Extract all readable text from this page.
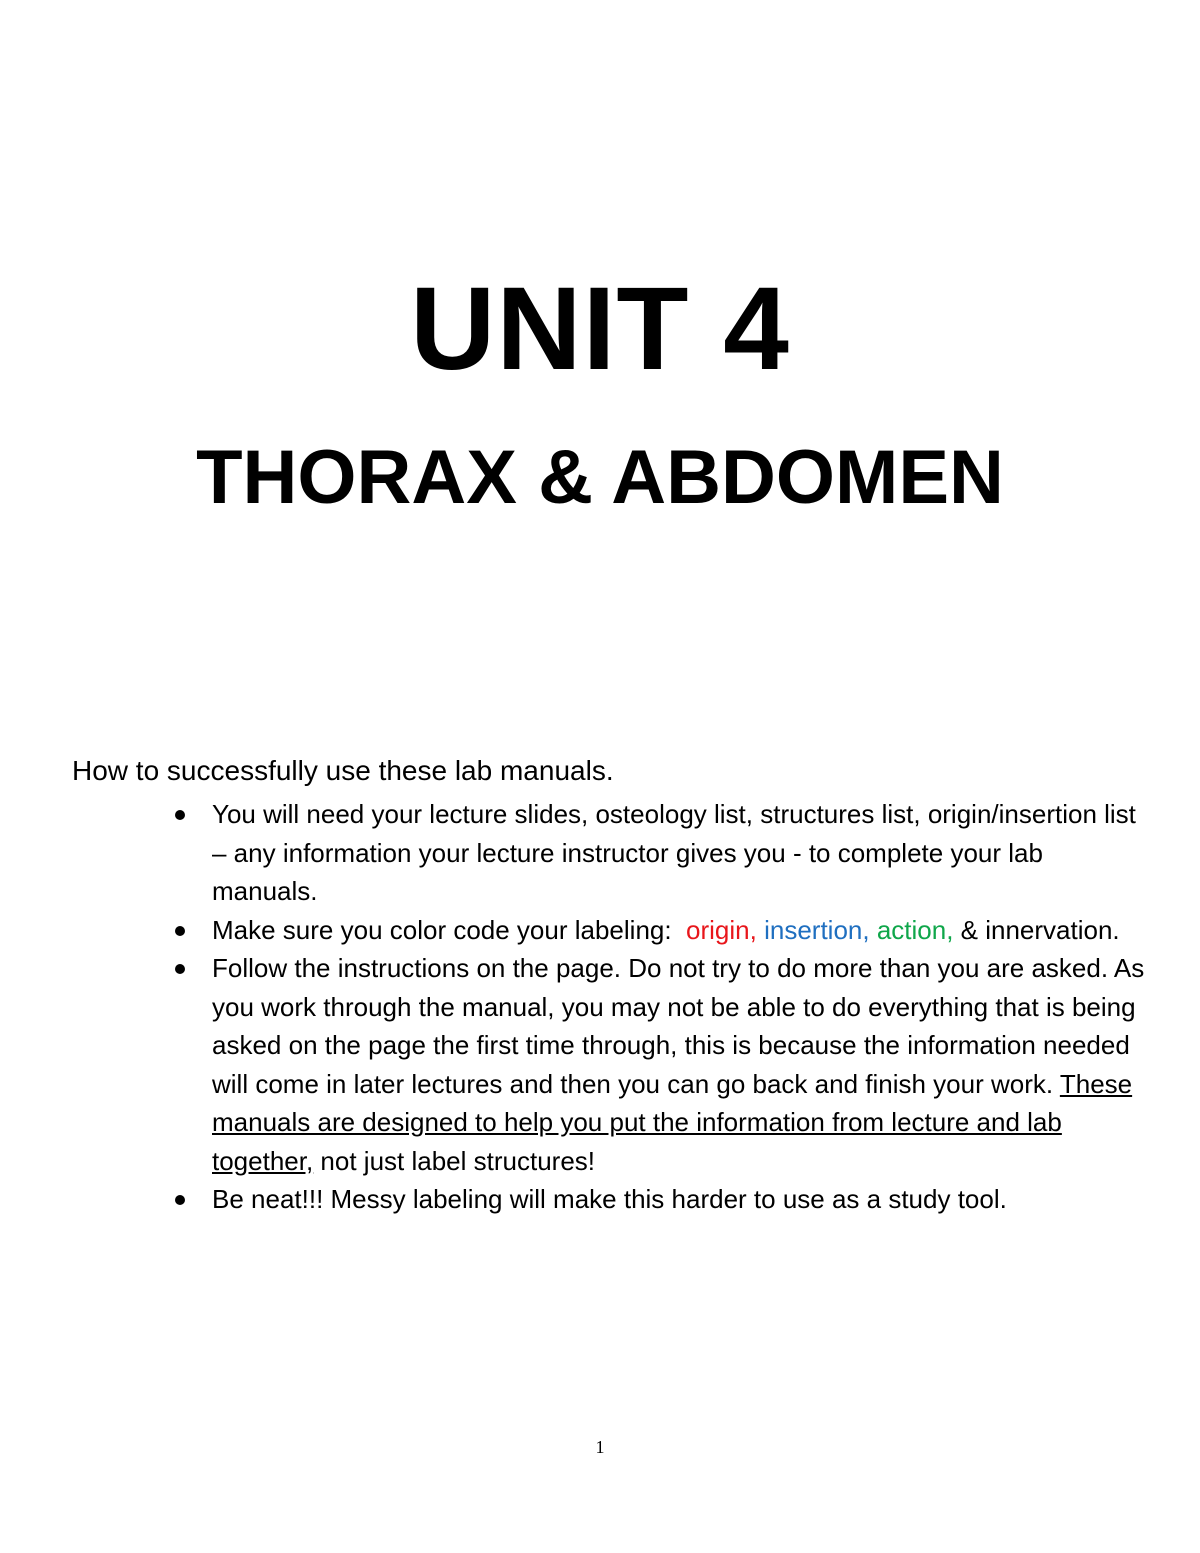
UNIT 4
THORAX & ABDOMEN
How to successfully use these lab manuals.
You will need your lecture slides, osteology list, structures list, origin/insertion list – any information your lecture instructor gives you - to complete your lab manuals.
Make sure you color code your labeling:  origin, insertion, action, & innervation.
Follow the instructions on the page. Do not try to do more than you are asked. As you work through the manual, you may not be able to do everything that is being asked on the page the first time through, this is because the information needed will come in later lectures and then you can go back and finish your work. These manuals are designed to help you put the information from lecture and lab together, not just label structures!
Be neat!!! Messy labeling will make this harder to use as a study tool.
1
